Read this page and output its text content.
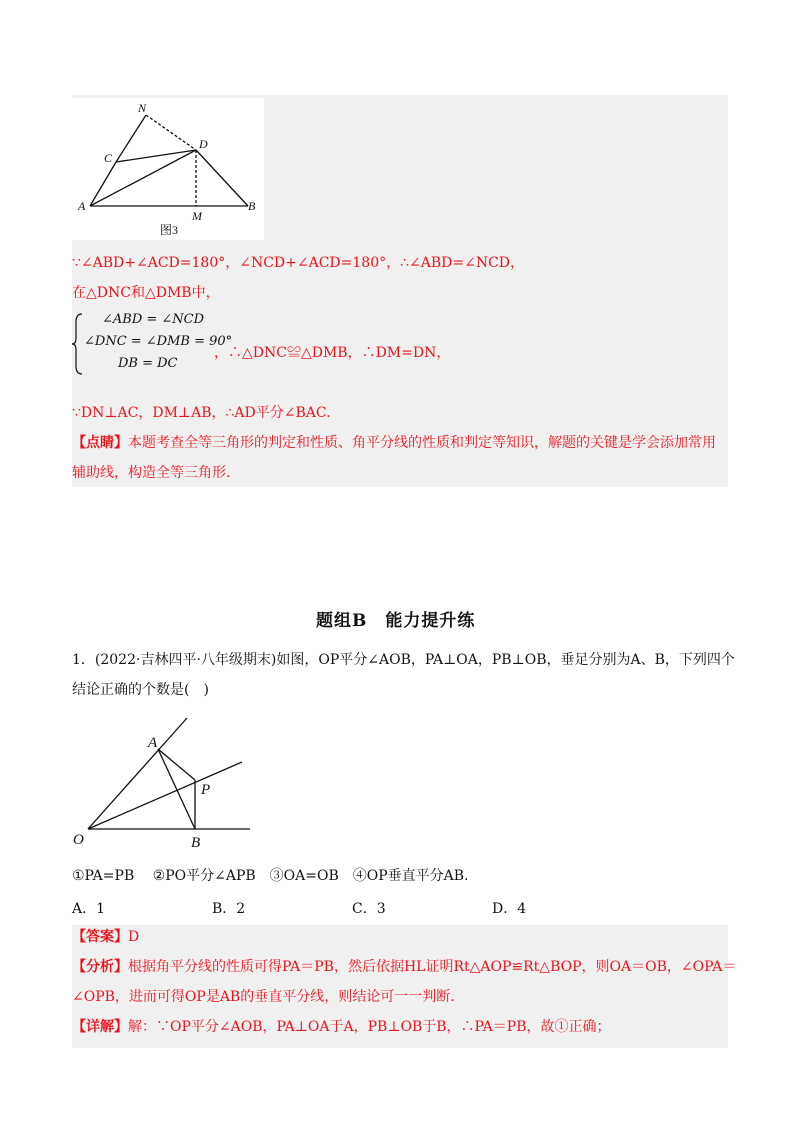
N
C
D
A
M
B
图3
∵∠ABD+∠ACD=180°，∠NCD+∠ACD=180°，∴∠ABD=∠NCD，
在△DNC和△DMB中，
∠ABD = ∠NCD
∠DNC = ∠DMB = 90°
DB = DC
，∴△DNC≌△DMB，∴DM=DN，
∵DN⊥AC，DM⊥AB，∴AD平分∠BAC.
【点睛】本题考查全等三角形的判定和性质、角平分线的性质和判定等知识，解题的关键是学会添加常用
辅助线，构造全等三角形.
题组B　能力提升练
1．(2022·吉林四平·八年级期末)如图，OP平分∠AOB，PA⊥OA，PB⊥OB，垂足分别为A、B，下列四个
结论正确的个数是(　)
A
P
O	B
①PA=PB　 ②PO平分∠APB　③OA=OB　④OP垂直平分AB.
A．1	B．2	C．3	D．4
【答案】D
【分析】根据角平分线的性质可得PA＝PB，然后依据HL证明Rt△AOP≌Rt△BOP，则OA＝OB，∠OPA＝
∠OPB，进而可得OP是AB的垂直平分线，则结论可一一判断.
【详解】解：∵OP平分∠AOB，PA⊥OA于A，PB⊥OB于B，∴PA＝PB，故①正确；
